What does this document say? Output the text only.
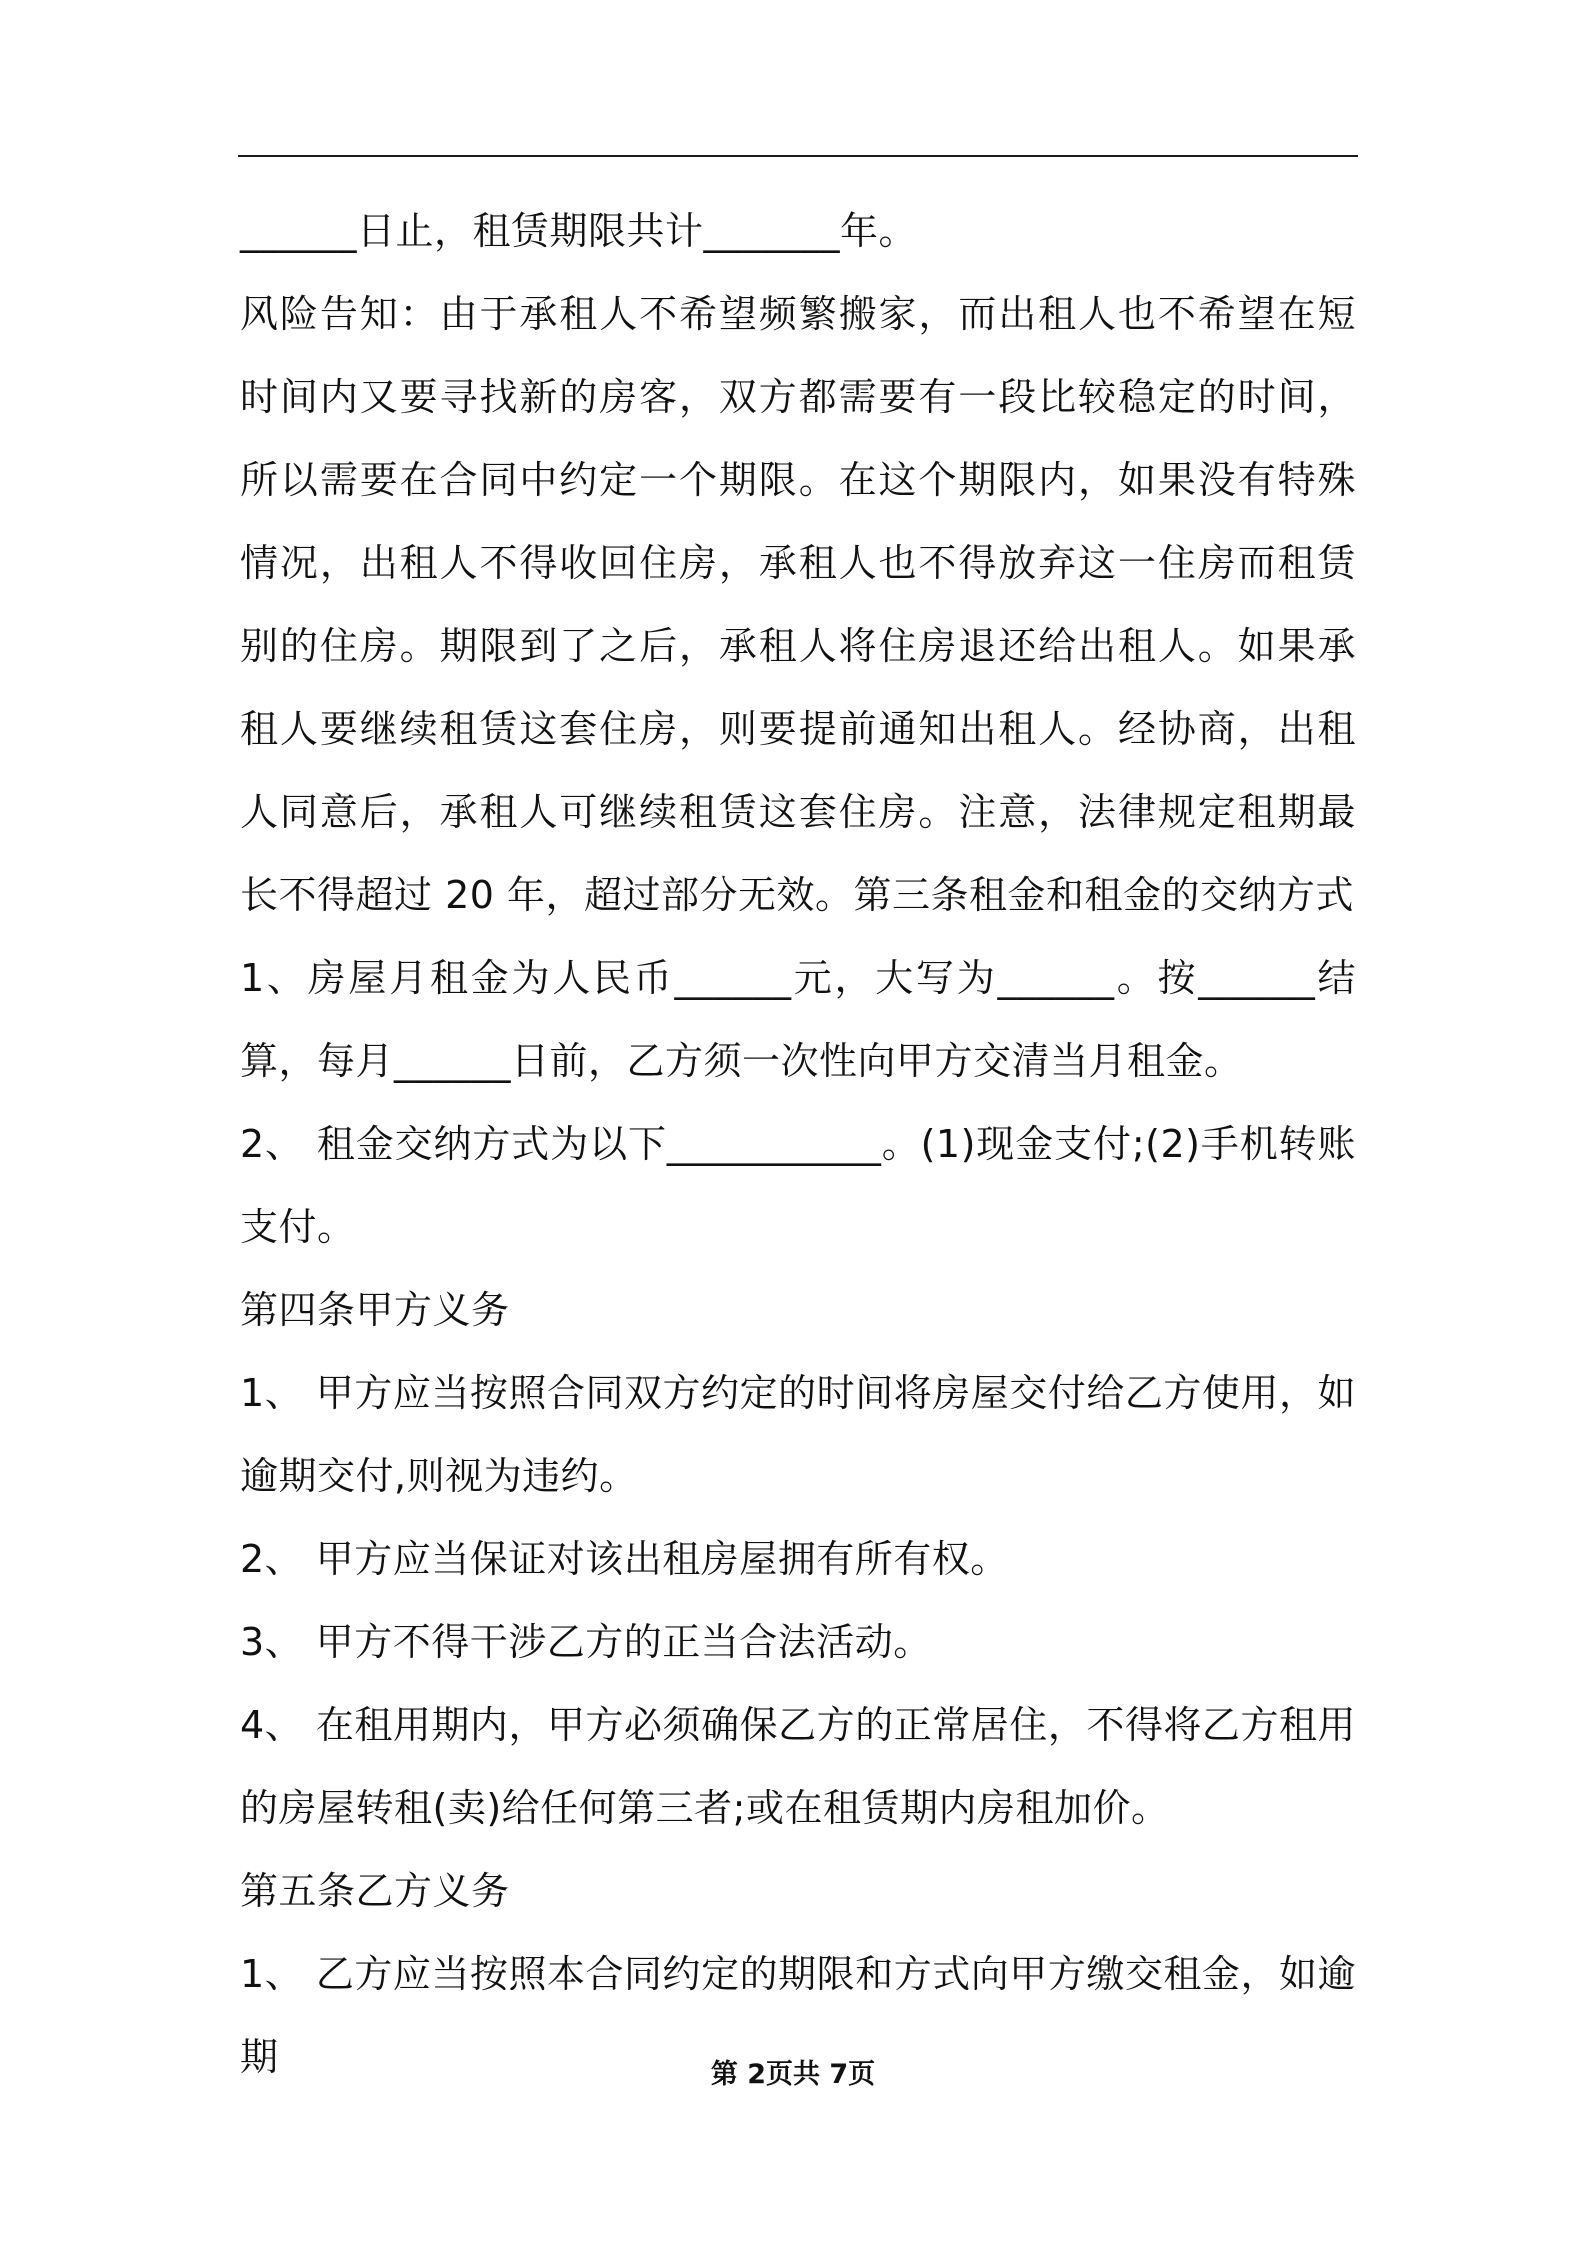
______日止，租赁期限共计_______年。

风险告知：由于承租人不希望频繁搬家，而出租人也不希望在短时间内又要寻找新的房客，双方都需要有一段比较稳定的时间，所以需要在合同中约定一个期限。在这个期限内，如果没有特殊情况，出租人不得收回住房，承租人也不得放弃这一住房而租赁别的住房。期限到了之后，承租人将住房退还给出租人。如果承租人要继续租赁这套住房，则要提前通知出租人。经协商，出租人同意后，承租人可继续租赁这套住房。注意，法律规定租期最长不得超过 20 年，超过部分无效。第三条租金和租金的交纳方式

1、房屋月租金为人民币______元，大写为______。按______结算，每月______日前，乙方须一次性向甲方交清当月租金。

2、 租金交纳方式为以下___________。(1)现金支付;(2)手机转账支付。

第四条甲方义务

1、 甲方应当按照合同双方约定的时间将房屋交付给乙方使用，如逾期交付,则视为违约。

2、 甲方应当保证对该出租房屋拥有所有权。

3、 甲方不得干涉乙方的正当合法活动。

4、 在租用期内，甲方必须确保乙方的正常居住，不得将乙方租用的房屋转租(卖)给任何第三者;或在租赁期内房租加价。

第五条乙方义务

1、 乙方应当按照本合同约定的期限和方式向甲方缴交租金，如逾期	第 2页共 7页
